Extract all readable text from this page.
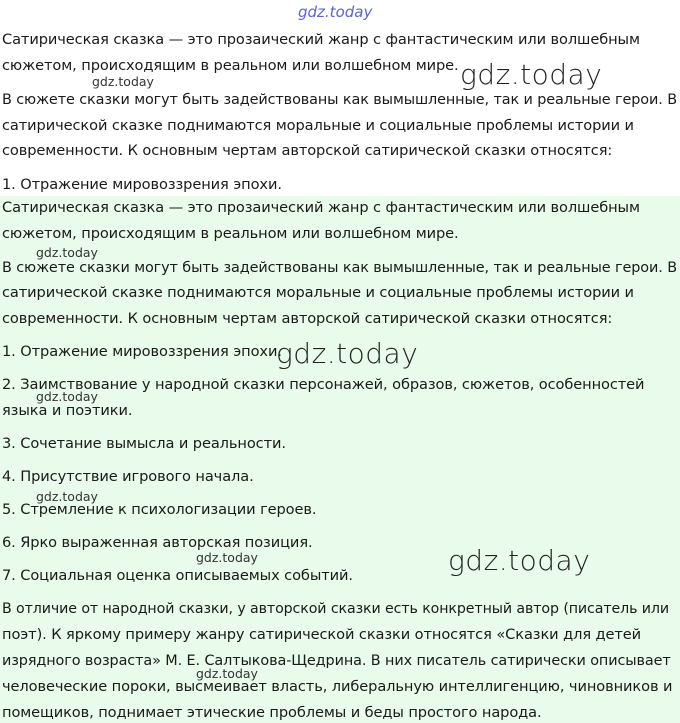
gdz.today
Сатирическая сказка — это прозаический жанр с фантастическим или волшебным
сюжетом, происходящим в реальном или волшебном мире.
В сюжете сказки могут быть задействованы как вымышленные, так и реальные герои. В
сатирической сказке поднимаются моральные и социальные проблемы истории и
современности. К основным чертам авторской сатирической сказки относятся:
1. Отражение мировоззрения эпохи.
Сатирическая сказка — это прозаический жанр с фантастическим или волшебным
сюжетом, происходящим в реальном или волшебном мире.
В сюжете сказки могут быть задействованы как вымышленные, так и реальные герои. В
сатирической сказке поднимаются моральные и социальные проблемы истории и
современности. К основным чертам авторской сатирической сказки относятся:
1. Отражение мировоззрения эпохи.
2. Заимствование у народной сказки персонажей, образов, сюжетов, особенностей
языка и поэтики.
3. Сочетание вымысла и реальности.
4. Присутствие игрового начала.
5. Стремление к психологизации героев.
6. Ярко выраженная авторская позиция.
7. Социальная оценка описываемых событий.
В отличие от народной сказки, у авторской сказки есть конкретный автор (писатель или
поэт). К яркому примеру жанру сатирической сказки относятся «Сказки для детей
изрядного возраста» М. Е. Салтыкова-Щедрина. В них писатель сатирически описывает
человеческие пороки, высмеивает власть, либеральную интеллигенцию, чиновников и
помещиков, поднимает этические проблемы и беды простого народа.
gdz.today
gdz.today
gdz.today
gdz.today
gdz.today
gdz.today
gdz.today	gdz.today
gdz.today
